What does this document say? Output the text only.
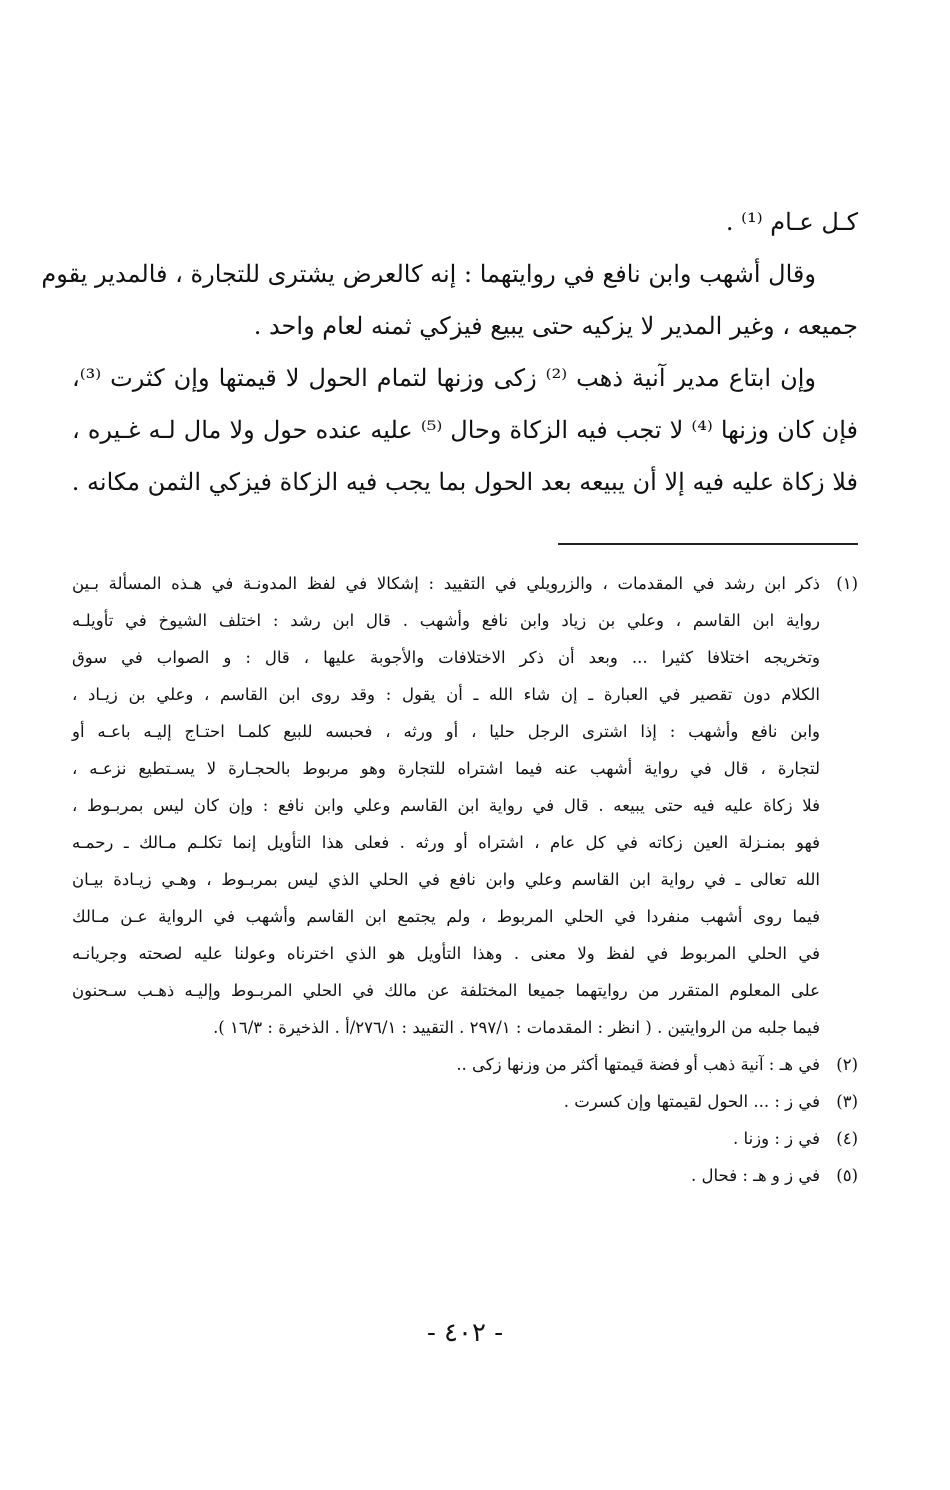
كـل عـام ⁽¹⁾ .
وقال أشهب وابن نافع في روايتهما : إنه كالعرض يشترى للتجارة ، فالمدير يقوم
جميعه ، وغير المدير لا يزكيه حتى يبيع فيزكي ثمنه لعام واحد .
وإن ابتاع مدير آنية ذهب ⁽²⁾ زكى وزنها لتمام الحول لا قيمتها وإن كثرت ⁽³⁾،
فإن كان وزنها ⁽⁴⁾ لا تجب فيه الزكاة وحال ⁽⁵⁾ عليه عنده حول ولا مال لـه غـيره ،
فلا زكاة عليه فيه إلا أن يبيعه بعد الحول بما يجب فيه الزكاة فيزكي الثمن مكانه .
(١)ذكر ابن رشد في المقدمات ، والزرويلي في التقييد : إشكالا في لفظ المدونـة في هـذه المسألة بـين
رواية ابن القاسم ، وعلي بن زياد وابن نافع وأشهب . قال ابن رشد : اختلف الشيوخ في تأويلـه
وتخريجه اختلافا كثيرا ... وبعد أن ذكر الاختلافات والأجوبة عليها ، قال : و الصواب في سوق
الكلام دون تقصير في العبارة ـ إن شاء الله ـ أن يقول : وقد روى ابن القاسم ، وعلي بن زيـاد ،
وابن نافع وأشهب : إذا اشترى الرجل حليا ، أو ورثه ، فحبسه للبيع كلمـا احتـاج إليـه باعـه أو
لتجارة ، قال في رواية أشهب عنه فيما اشتراه للتجارة وهو مربوط بالحجـارة لا يسـتطيع نزعـه ،
فلا زكاة عليه فيه حتى يبيعه . قال في رواية ابن القاسم وعلي وابن نافع : وإن كان ليس بمربـوط ،
فهو بمنـزلة العين زكاته في كل عام ، اشتراه أو ورثه . فعلى هذا التأويل إنما تكلـم مـالك ـ رحمـه
الله تعالى ـ في رواية ابن القاسم وعلي وابن نافع في الحلي الذي ليس بمربـوط ، وهـي زيـادة بيـان
فيما روى أشهب منفردا في الحلي المربوط ، ولم يجتمع ابن القاسم وأشهب في الرواية عـن مـالك
في الحلي المربوط في لفظ ولا معنى . وهذا التأويل هو الذي اخترناه وعولنا عليه لصحته وجريانـه
على المعلوم المتقرر من روايتهما جميعا المختلفة عن مالك في الحلي المربـوط وإليـه ذهـب سـحنون
فيما جلبه من الروايتين . ( انظر : المقدمات : ٢٩٧/١ . التقييد : ٢٧٦/١/أ . الذخيرة : ١٦/٣ ).
(٢)في هـ : آنية ذهب أو فضة قيمتها أكثر من وزنها زكى ..
(٣)في ز : ... الحول لقيمتها وإن كسرت .
(٤)في ز : وزنا .
(٥)في ز و هـ : فحال .
- ٤٠٢ -
